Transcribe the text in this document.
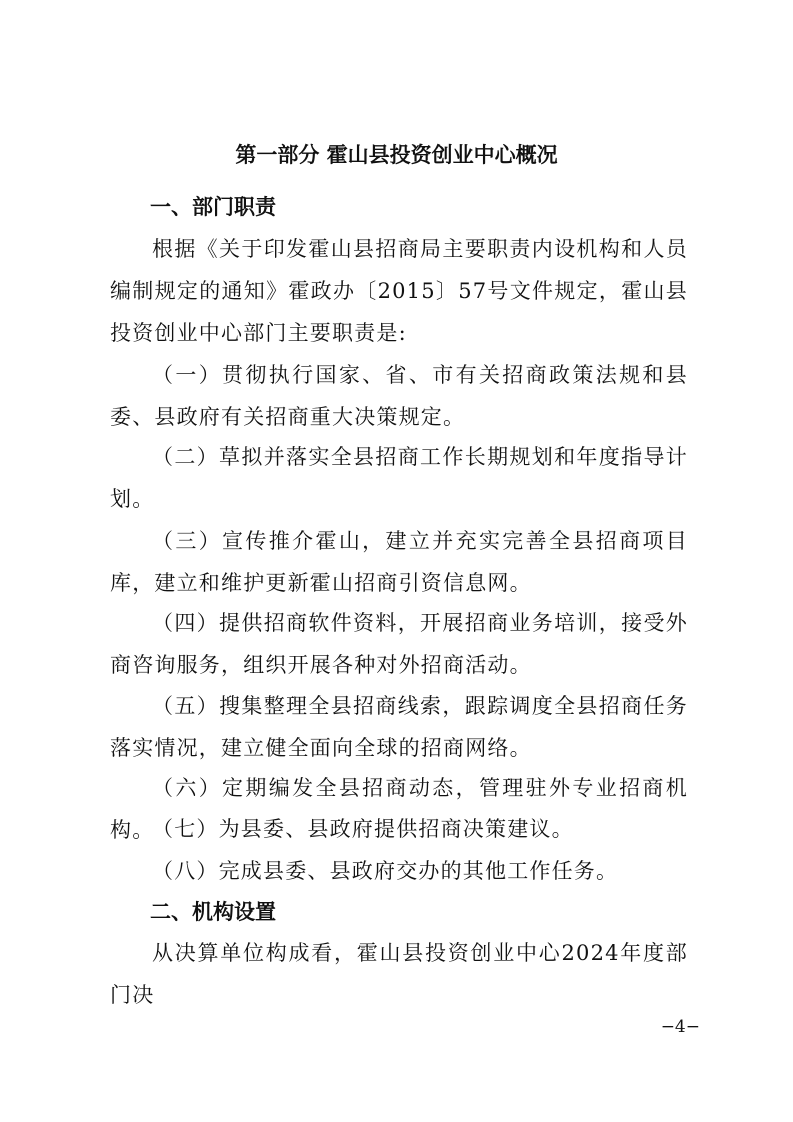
第一部分 霍山县投资创业中心概况
一、部门职责

根据《关于印发霍山县招商局主要职责内设机构和人员编制规定的通知》霍政办〔2015〕57号文件规定，霍山县投资创业中心部门主要职责是:

（一）贯彻执行国家、省、市有关招商政策法规和县委、县政府有关招商重大决策规定。

（二）草拟并落实全县招商工作长期规划和年度指导计划。

（三）宣传推介霍山，建立并充实完善全县招商项目库，建立和维护更新霍山招商引资信息网。

（四）提供招商软件资料，开展招商业务培训，接受外商咨询服务，组织开展各种对外招商活动。

（五）搜集整理全县招商线索，跟踪调度全县招商任务落实情况，建立健全面向全球的招商网络。

（六）定期编发全县招商动态，管理驻外专业招商机构。

（七）为县委、县政府提供招商决策建议。

（八）完成县委、县政府交办的其他工作任务。

二、机构设置

从决算单位构成看，霍山县投资创业中心2024年度部门决

−4−
